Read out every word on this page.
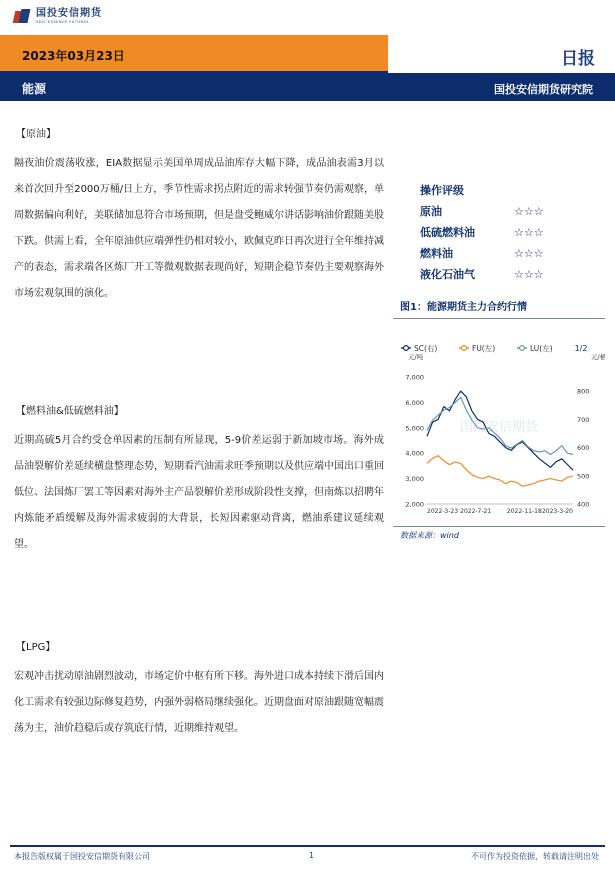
国投安信期货
SDIC ESSENCE FUTURES
2023年03月23日	日报
能源	国投安信期货研究院
【原油】

隔夜油价震荡收涨，EIA数据显示美国单周成品油库存大幅下降，成品油表需3月以来首次回升至2000万桶/日上方，季节性需求拐点附近的需求转强节奏仍需观察，单周数据偏向利好，美联储加息符合市场预期，但是盘受鲍威尔讲话影响油价跟随美股下跌。供需上看，全年原油供应端弹性仍相对较小，欧佩克昨日再次进行全年维持减产的表态，需求端各区炼厂开工等微观数据表现尚好，短期企稳节奏仍主要观察海外市场宏观氛围的演化。

【燃料油&低硫燃料油】

近期高硫5月合约受仓单因素的压制有所显现，5-9价差运弱于新加坡市场。海外成品油裂解价差延续横盘整理态势，短期看汽油需求旺季预期以及供应端中国出口重回低位、法国炼厂罢工等因素对海外主产品裂解价差形成阶段性支撑，但南炼以招聘年内炼能矛盾缓解及海外需求疲弱的大背景，长短因素驱动背离，燃油系建议延续观望。

【LPG】

宏观冲击扰动原油剧烈波动，市场定价中枢有所下移。海外进口成本持续下滑后国内化工需求有较强边际修复趋势，内强外弱格局继续强化。近期盘面对原油跟随宽幅震荡为主，油价趋稳后或存筑底行情，近期维持观望。

操作评级
原油	☆☆☆
低硫燃料油	☆☆☆
燃料油	☆☆☆
液化石油气	☆☆☆
图1：能源期货主力合约行情
SC(右)	FU(左)	LU(左)	1/2
元/吨	元/桶
国投安信期货
2,000
3,000
4,000
5,000
6,000
7,000
400
500
600
700
800
2022-3-23 2022-7-21	2022-11-18 2023-3-20
数据来源：wind
本报告版权属于国投安信期货有限公司	1	不可作为投资依据，转载请注明出处
